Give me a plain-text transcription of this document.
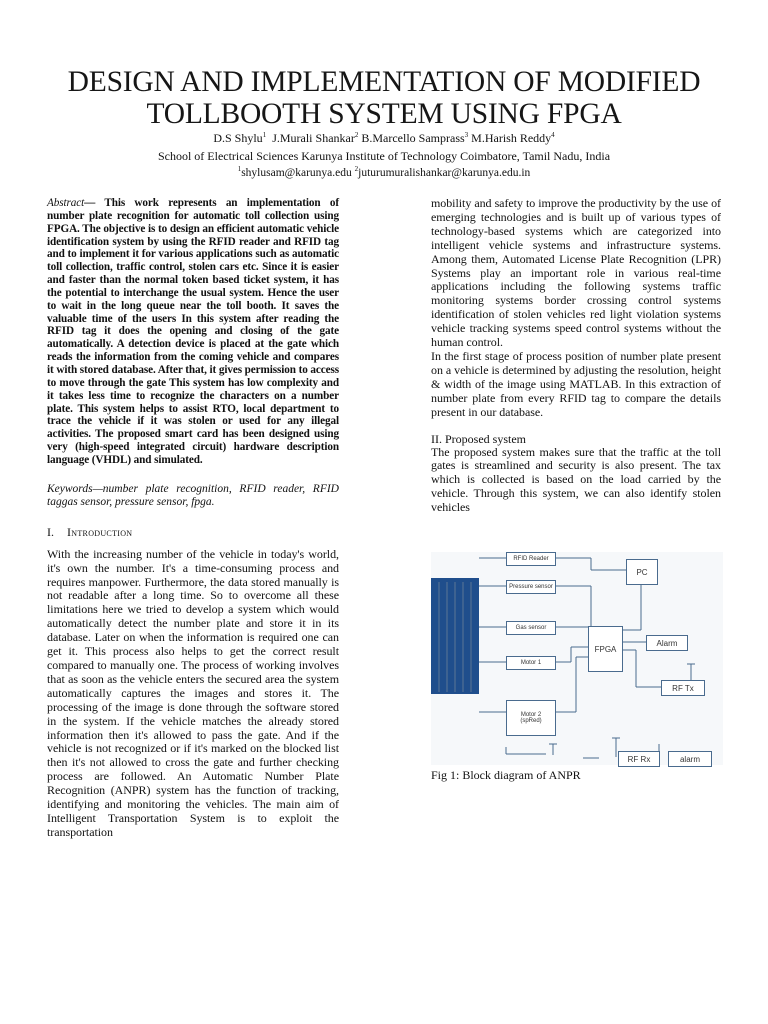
DESIGN AND IMPLEMENTATION OF MODIFIED TOLLBOOTH SYSTEM USING FPGA
D.S Shylu$^1$ J.Murali Shankar$^2$ B.Marcello Samprass$^3$ M.Harish Reddy$^4$
School of Electrical Sciences Karunya Institute of Technology Coimbatore, Tamil Nadu, India
$^1$shylusam@karunya.edu $^2$juturumuralishankar@karunya.edu.in
Abstract— This work represents an implementation of number plate recognition for automatic toll collection using FPGA. The objective is to design an efficient automatic vehicle identification system by using the RFID reader and RFID tag and to implement it for various applications such as automatic toll collection, traffic control, stolen cars etc. Since it is easier and faster than the normal token based ticket system, it has the potential to interchange the usual system. Hence the user to wait in the long queue near the toll booth. It saves the valuable time of the users In this system after reading the RFID tag it does the opening and closing of the gate automatically. A detection device is placed at the gate which reads the information from the coming vehicle and compares it with stored database. After that, it gives permission to access to move through the gate This system has low complexity and it takes less time to recognize the characters on a number plate. This system helps to assist RTO, local department to trace the vehicle if it was stolen or used for any illegal activities. The proposed smart card has been designed using very (high-speed integrated circuit) hardware description language (VHDL) and simulated.
Keywords—number plate recognition, RFID reader, RFID taggas sensor, pressure sensor, fpga.
I. Introduction
With the increasing number of the vehicle in today's world, it's own the number. It's a time-consuming process and requires manpower. Furthermore, the data stored manually is not readable after a long time. So to overcome all these limitations here we tried to develop a system which would automatically detect the number plate and store it in its database. Later on when the information is required one can get it. This process also helps to get the correct result compared to manually one. The process of working involves that as soon as the vehicle enters the secured area the system automatically captures the images and stores it. The processing of the image is done through the software stored in the system. If the vehicle matches the already stored information then it's allowed to pass the gate. And if the vehicle is not recognized or if it's marked on the blocked list then it's not allowed to cross the gate and further checking process are followed. An Automatic Number Plate Recognition (ANPR) system has the function of tracking, identifying and monitoring the vehicles. The main aim of Intelligent Transportation System is to exploit the transportation
mobility and safety to improve the productivity by the use of emerging technologies and is built up of various types of technology-based systems which are categorized into intelligent vehicle systems and infrastructure systems. Among them, Automated License Plate Recognition (LPR) Systems play an important role in various real-time applications including the following systems traffic monitoring systems border crossing control systems identification of stolen vehicles red light violation systems vehicle tracking systems speed control systems without the human control.
In the first stage of process position of number plate present on a vehicle is determined by adjusting the resolution, height & width of the image using MATLAB. In this extraction of number plate from every RFID tag to compare the details present in our database.
II. Proposed system
The proposed system makes sure that the traffic at the toll gates is streamlined and security is also present. The tax which is collected is based on the load carried by the vehicle. Through this system, we can also identify stolen vehicles
RFID Reader
Pressure sensor
Gas sensor
Motor 1
Motor 2
(spRed)
PC
FPGA
Alarm
RF Tx
RF Rx	alarm
Fig 1: Block diagram of ANPR
